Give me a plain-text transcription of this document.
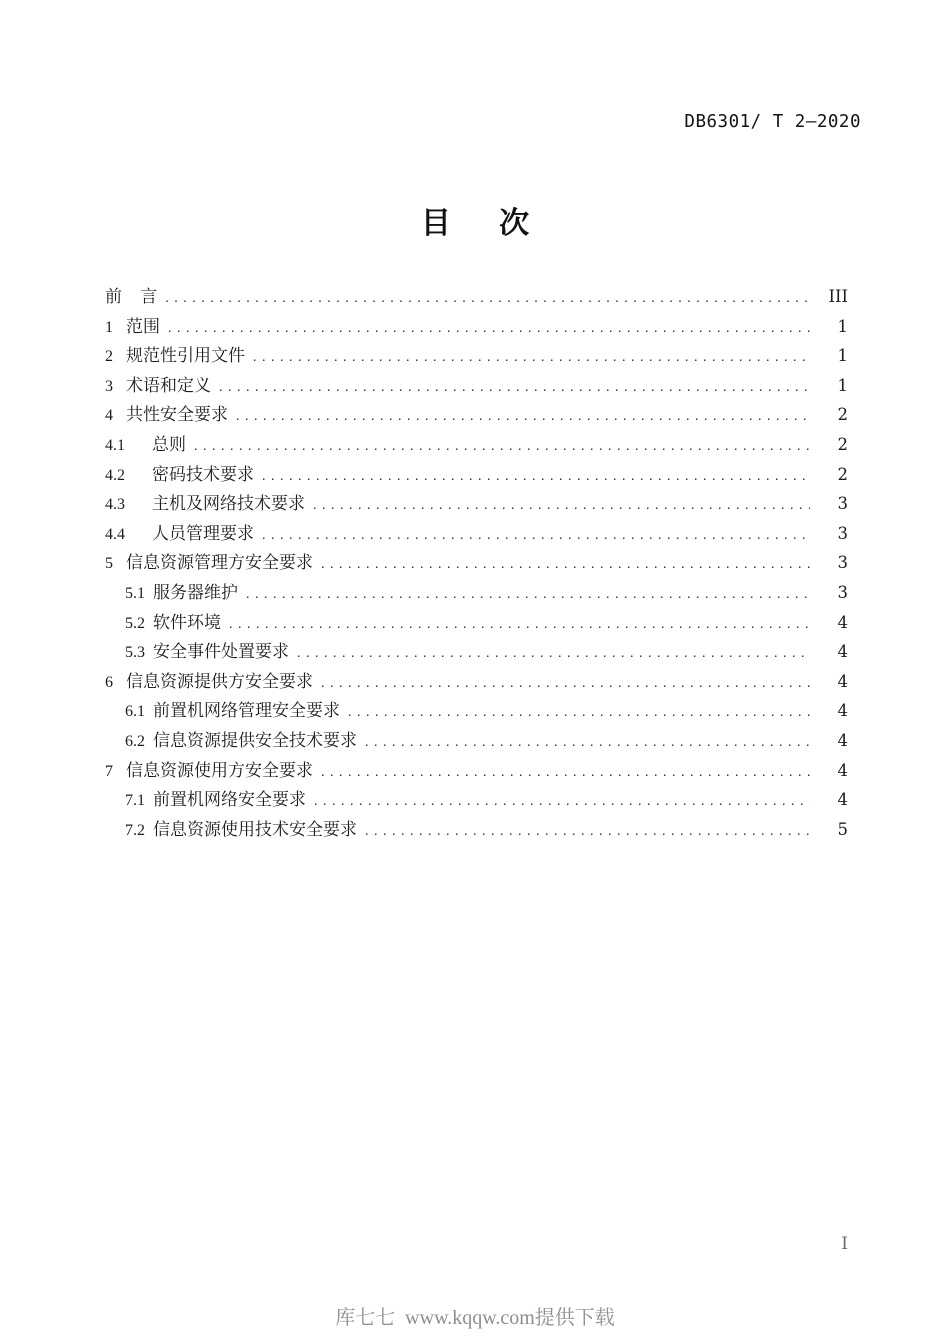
DB6301/ T 2—2020
目 次
前 言 .....	III
1 范围 .....	1
2 规范性引用文件 .....	1
3 术语和定义 .....	1
4 共性安全要求 .....	2
4.1	总则 .....	2
4.2	密码技术要求 .....	2
4.3	主机及网络技术要求 .....	3
4.4	人员管理要求 .....	3
5 信息资源管理方安全要求 .....	3
5.1 服务器维护 .....	3
5.2 软件环境 .....	4
5.3 安全事件处置要求 .....	4
6 信息资源提供方安全要求 .....	4
6.1 前置机网络管理安全要求 .....	4
6.2 信息资源提供安全技术要求 .....	4
7 信息资源使用方安全要求 .....	4
7.1 前置机网络安全要求 .....	4
7.2 信息资源使用技术安全要求 .....	5
I
库七七 www.kqqw.com提供下载
